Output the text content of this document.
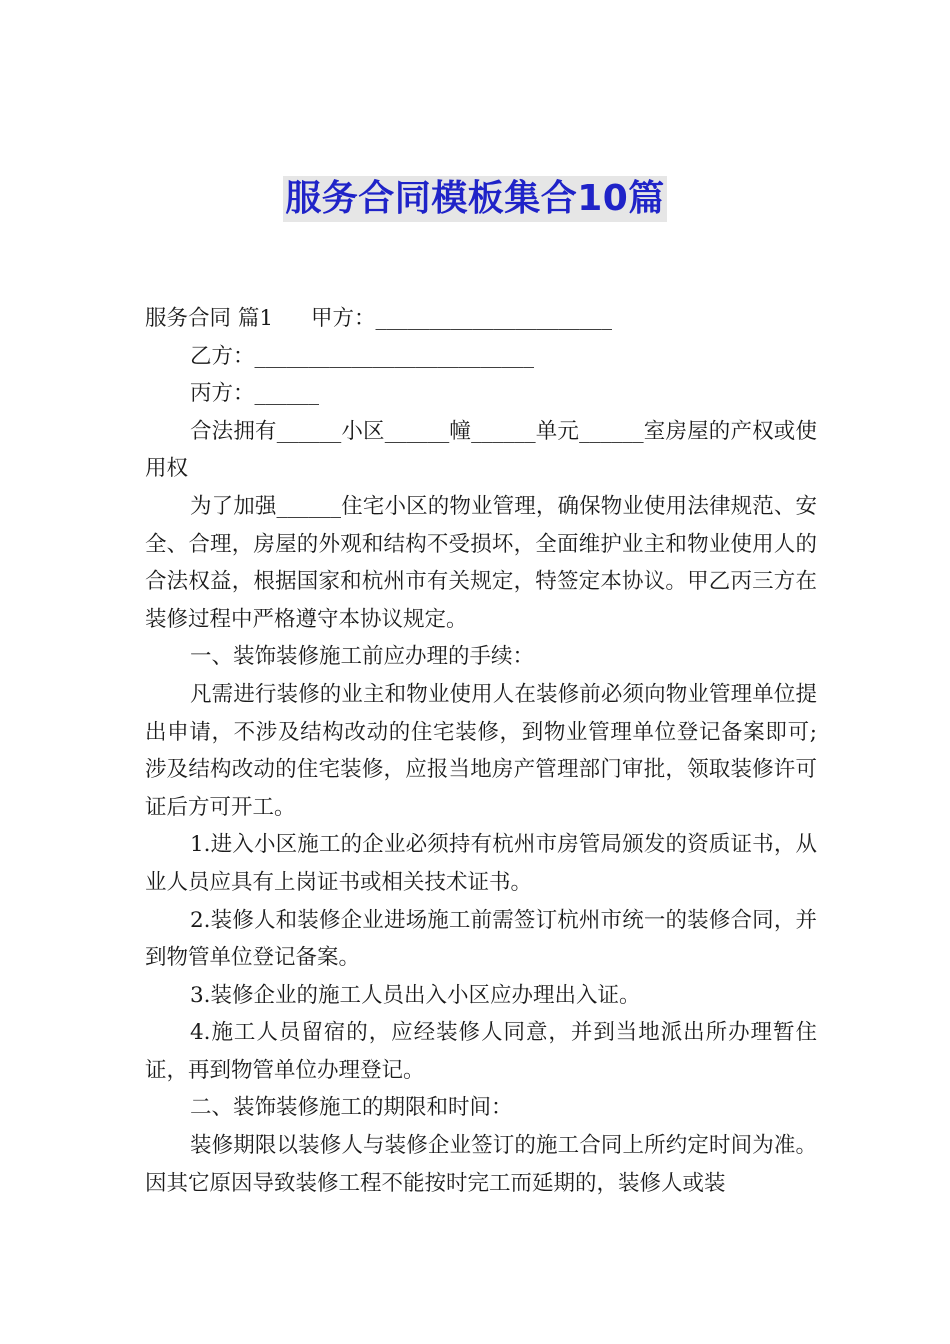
服务合同模板集合10篇

服务合同 篇1 甲方：______________________

乙方：__________________________

丙方：______

合法拥有______小区______幢______单元______室房屋的产权或使用权

为了加强______住宅小区的物业管理，确保物业使用法律规范、安全、合理，房屋的外观和结构不受损坏，全面维护业主和物业使用人的合法权益，根据国家和杭州市有关规定，特签定本协议。甲乙丙三方在装修过程中严格遵守本协议规定。

一、装饰装修施工前应办理的手续：

凡需进行装修的业主和物业使用人在装修前必须向物业管理单位提出申请，不涉及结构改动的住宅装修，到物业管理单位登记备案即可;涉及结构改动的住宅装修，应报当地房产管理部门审批，领取装修许可证后方可开工。

1.进入小区施工的企业必须持有杭州市房管局颁发的资质证书，从业人员应具有上岗证书或相关技术证书。

2.装修人和装修企业进场施工前需签订杭州市统一的装修合同，并到物管单位登记备案。

3.装修企业的施工人员出入小区应办理出入证。

4.施工人员留宿的，应经装修人同意，并到当地派出所办理暂住证，再到物管单位办理登记。

二、装饰装修施工的期限和时间：

装修期限以装修人与装修企业签订的施工合同上所约定时间为准。因其它原因导致装修工程不能按时完工而延期的，装修人或装
